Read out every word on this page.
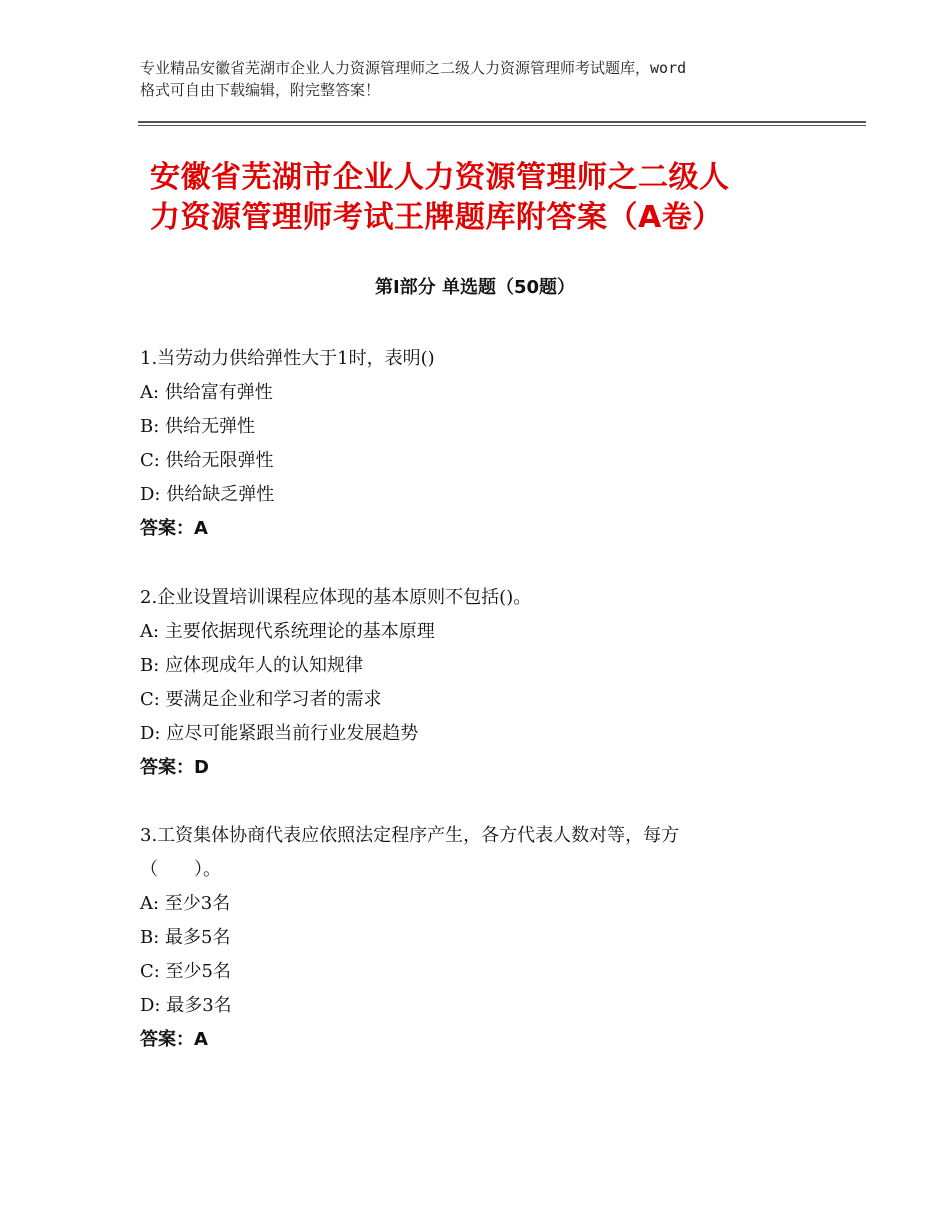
专业精品安徽省芜湖市企业人力资源管理师之二级人力资源管理师考试题库，word
格式可自由下载编辑，附完整答案！
安徽省芜湖市企业人力资源管理师之二级人
力资源管理师考试王牌题库附答案（A卷）
第Ⅰ部分 单选题（50题）
1.当劳动力供给弹性大于1时，表明()
A: 供给富有弹性
B: 供给无弹性
C: 供给无限弹性
D: 供给缺乏弹性
答案：A
2.企业设置培训课程应体现的基本原则不包括()。
A: 主要依据现代系统理论的基本原理
B: 应体现成年人的认知规律
C: 要满足企业和学习者的需求
D: 应尽可能紧跟当前行业发展趋势
答案：D
3.工资集体协商代表应依照法定程序产生，各方代表人数对等，每方
（　　）。
A: 至少3名
B: 最多5名
C: 至少5名
D: 最多3名
答案：A
